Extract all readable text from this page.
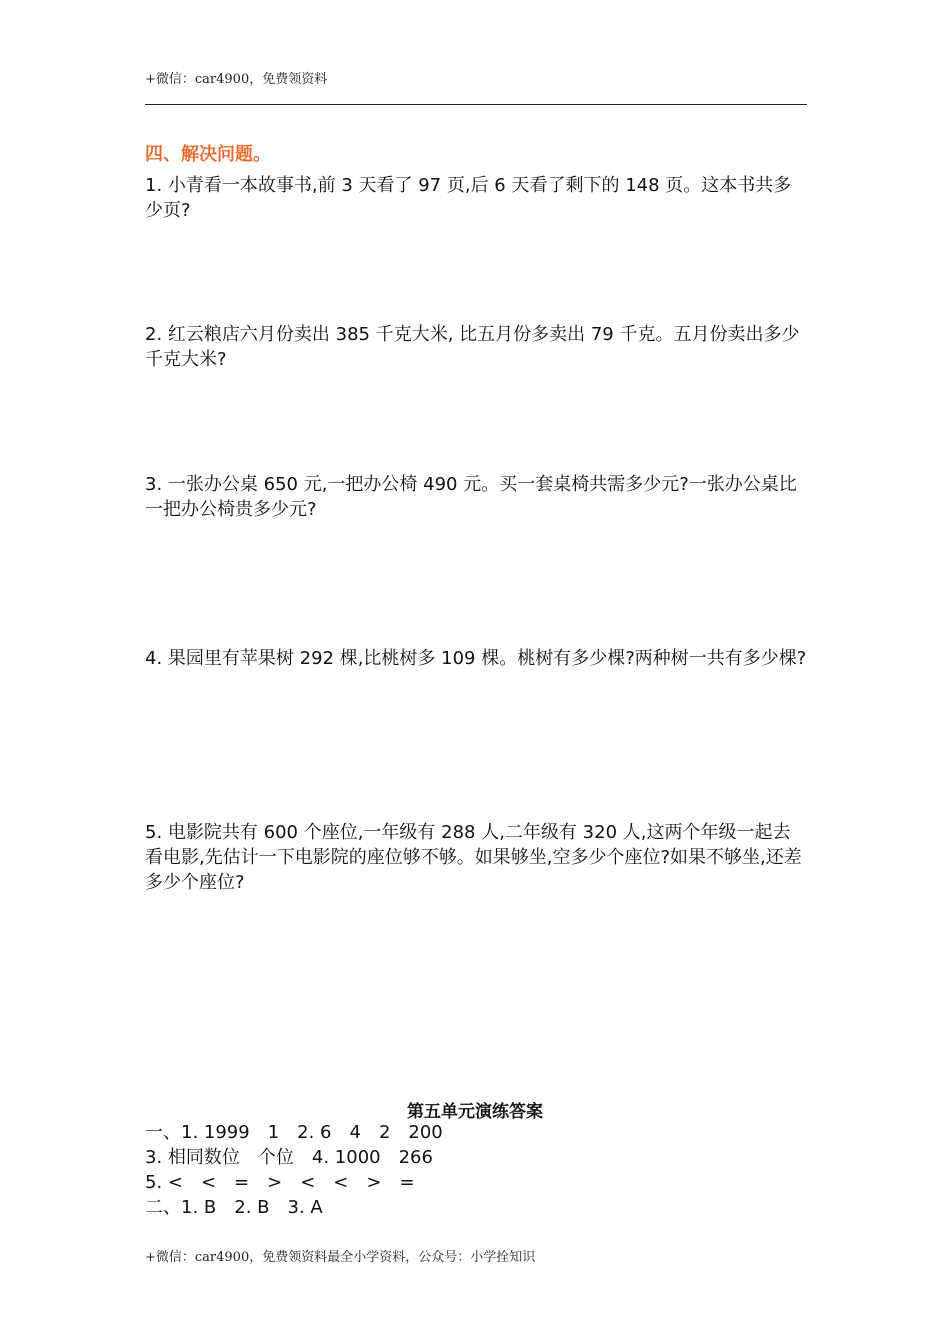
+微信：car4900，免费领资料
四、解决问题。
1. 小青看一本故事书,前 3 天看了 97 页,后 6 天看了剩下的 148 页。这本书共多少页?
2. 红云粮店六月份卖出 385 千克大米, 比五月份多卖出 79 千克。五月份卖出多少千克大米?
3. 一张办公桌 650 元,一把办公椅 490 元。买一套桌椅共需多少元?一张办公桌比一把办公椅贵多少元?
4. 果园里有苹果树 292 棵,比桃树多 109 棵。桃树有多少棵?两种树一共有多少棵?
5. 电影院共有 600 个座位,一年级有 288 人,二年级有 320 人,这两个年级一起去看电影,先估计一下电影院的座位够不够。如果够坐,空多少个座位?如果不够坐,还差多少个座位?
第五单元演练答案
一、1. 1999　1　2. 6　4　2　200
3. 相同数位　个位　4. 1000　266
5. <　<　=　>　<　<　>　=
二、1. B　2. B　3. A
+微信：car4900，免费领资料最全小学资料，公众号：小学拴知识
